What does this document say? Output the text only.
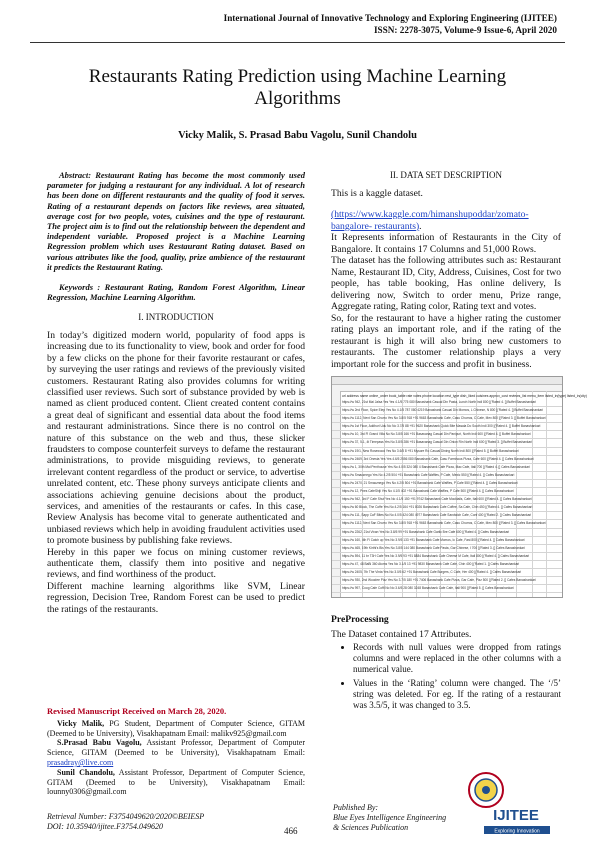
International Journal of Innovative Technology and Exploring Engineering (IJITEE)
ISSN: 2278-3075, Volume-9 Issue-6, April 2020
Restaurants Rating Prediction using Machine Learning
Algorithms
Vicky Malik, S. Prasad Babu Vagolu, Sunil Chandolu

Abstract: Restaurant Rating has become the most commonly used parameter for judging a restaurant for any individual. A lot of research has been done on different restaurants and the quality of food it serves. Rating of a restaurant depends on factors like reviews, area situated, average cost for two people, votes, cuisines and the type of restaurant. The project aim is to find out the relationship between the dependent and independent variable. Proposed project is a Machine Learning Regression problem which uses Restaurant Rating dataset. Based on various attributes like the food, quality, prize ambience of the restaurant it predicts the Restaurant Rating.

Keywords : Restaurant Rating, Random Forest Algorithm, Linear Regression, Machine Learning Algorithm.

I. INTRODUCTION

In today’s digitized modern world, popularity of food apps is increasing due to its functionality to view, book and order for food by a few clicks on the phone for their favorite restaurant or cafes, by surveying the user ratings and reviews of the previously visited customers. Restaurant Rating also provides columns for writing classified user reviews. Such sort of substance provided by web is named as client produced content. Client created content contains a great deal of significant and essential data about the food items and restaurant administrations. Since there is no control on the nature of this substance on the web and thus, these slicker fraudsters to compose counterfeit surveys to defame the restaurant administrations, to provide misguiding reviews, to generate irrelevant content regardless of the product or service, to advertise unrelated content, etc. These phony surveys anticipate clients and associations achieving genuine decisions about the product, services, and amenities of the restaurants or cafes. In this case, Review Analysis has become vital to generate authenticated and unbiased reviews which help in avoiding fraudulent activities used to promote business by publishing fake reviews.

Hereby in this paper we focus on mining customer reviews, authenticate them, classify them into positive and negative reviews, and find worthiness of the product.

Different machine learning algorithms like SVM, Linear regression, Decision Tree, Random Forest can be used to predict the ratings of the restaurants.

Revised Manuscript Received on March 28, 2020.

Vicky Malik, PG Student, Department of Computer Science, GITAM (Deemed to be University), Visakhapatnam Email: malikv925@gmail.com

S.Prasad Babu Vagolu, Assistant Professor, Department of Computer Science, GITAM (Deemed to be University), Visakhapatnam Email: prasadray@live.com

Sunil Chandolu, Assistant Professor, Department of Computer Science, GITAM (Deemed to be University), Visakhapatnam Email: lounny0306@gmail.com

Retrieval Number: F3754049620/2020©BEIESP
DOI: 10.35940/ijitee.F3754.049620	466
Published By:
Blue Eyes Intelligence Engineering
& Sciences Publication
IJITEE
Exploring Innovation
II. DATA SET DESCRIPTION

This is a kaggle dataset.

(https://www.kaggle.com/himanshupoddar/zomato-bangalore- restaurants).

It Represents information of Restaurants in the City of Bangalore. It contains 17 Columns and 51,000 Rows.

The dataset has the following attributes such as: Restaurant Name, Restaurant ID, City, Address, Cuisines, Cost for two people, has table booking, Has online delivery, Is delivering now, Switch to order menu, Prize range, Aggregate rating, Rating color, Rating text and votes.

So, for the restaurant to have a higher rating the customer rating plays an important role, and if the rating of the restaurant is high it will also bring new customers to restaurants. The customer relationship plays a very important role for the success and profit in business.

url address name online_order book_table rate votes phone location rest_type dish_liked cuisines approx_cost reviews_list menu_item listed_in(type) listed_in(city)
https://w 942, 21st Mai Jalsa Yes Yes 4.1/5 775 080 Banashank Casual Din Pasta, Lunch North Indi 800 [('Rated 4. [] Buffet Banashankari
https://w 2nd Floor, Spice Elep Yes No 4.1/5 787 080 4219 Banashank Casual Din Momos, L Chinese, N 800 [('Rated 4. [] Buffet Banashankari
https://w 1112, Next San Churro Yes No 3.8/5 918 +91 9663 Banashank Cafe, Casu Churros, C Cafe, Mex 800 [('Rated 3. [] Buffet Banashankari
https://w 1st Floor, Addhuri Udu No No 3.7/5 88 +91 9620 Banashank Quick Bite Masala Do South Indi 300 [('Rated 4. [] Buffet Banashankari
https://w 10, 3rd Fl Grand Villa No No 3.8/5 166 +91 Basavanag Casual Din Panipuri, North Indi 600 [('Rated 4. [] Buffet Banashankari
https://w 37, 5-1, 4t Timepass Yes No 3.8/5 286 +91 Basavanag Casual Din Onion Rin North Indi 600 [('Rated 3. [] Buffet Banashankari
https://w 19/1, New Rosewood Yes No 3.6/5 8 +91 Mysore Ro Casual Dining North Indi 800 [('Rated 5. [] Buffet Banashankari
https://w 2469, 3rd Onesta Yes Yes 4.6/5 2556 080 Banashank Cafe, Casu Farmhous Pizza, Cafe 600 [('Rated 4. [] Cafes Banashankari
https://w 1, 30th Mai Penthouse Yes No 4.0/5 324 080 4 Banashank Cafe Pizza, Mac Cafe, Itali 700 [('Rated 4. [] Cafes Banashankari
https://w Smacznego Yes No 4.2/5 504 +91 Banashank Cafe Waffles, P Cafe, Mexic 550 [('Rated 4. [] Cafes Banashankari
https://w 2470, 21 Smacznego Yes No 4.2/5 504 +91 Banashank Cafe Waffles, P Cafe 550 [('Rated 4. [] Cafes Banashankari
https://w 12, Pnes CafeShiji Yes No 4.1/5 402 +91 Banashank Cafe Waffles, P Cafe 500 [('Rated 4. [] Cafes Banashankari
https://w 942, 3rd F Cafe Shuf Yes No 4.1/5 150 +91 9742 Banashank Cafe Mocktails, Cafe, Itali 600 [('Rated 4. [] Cafes Banashankari
https://w 60 Block, The Coffe Yes No 4.2/5 164 +91 8026 Banashank Cafe Coffee, Sa Cafe, Chin 450 [('Rated 4. [] Cafes Banashankari
https://w 111, Sapp CaF Bites No No 4.0/5 424 080 4977 Banashank Cafe Sandwich Cafe, Conf 400 [('Rated 2. [] Cafes Banashankari
https://w 1112, Next San Churro Yes No 3.8/5 918 +91 9663 Banashank Cafe, Casu Churros, C Cafe, Mex 800 [('Rated 3. [] Cafes Banashankari
https://w 2262, 21st Vivan Yes No 3.8/5 99 +91 Banashank Cafe Garlic Bre Cafe 600 [('Rated 4. [] Cafes Banashankari
https://w 160, 4th Fl Catch up Yes No 3.9/5 133 +91 Banashank Cafe Momos, Ic Cafe, Fast 800 [('Rated 4. [] Cafes Banashankari
https://w 465, 19th Kirthi's Bis Yes No 3.8/5 144 080 Banashank Cafe Pasta, Gar Chinese, I 700 [('Rated 3. [] Cafes Banashankari
https://w 594, 11 br T3H Cafe Yes No 3.9/5 93 +91 8884 Banashank Cafe Cheese M Cafe, Itali 800 [('Rated 4. [] Cafes Banashankari
https://w 47, 48 BaBi 360 Atoms Yes No 3.1/5 13 +91 9830 Banashank Cafe Cafe, Chin 400 [('Rated 1. [] Cafes Banashankari
https://w 2405, 7th The Vinta Yes No 3.0/5 62 +91 Banashank Cafe Burgers, C Cafe, Her 400 [('Rated 4. [] Cafes Banashankari
https://w 930, 2nd Woodee Pizz Yes No 3.7/5 180 +91 7406 Banashank Cafe Pizza, Gar Cafe, Pizz 500 [('Rated 2. [] Cafes Banashankari
https://w 997, Coog Cafe Coffi No No 3.6/5 28 080 3248 Banashank Cafe Cafe, Itali 900 [('Rated 5. [] Cafes Banashankari
PreProcessing

The Dataset contained 17 Attributes.

• Records with null values were dropped from ratings columns and were replaced in the other columns with a numerical value.
• Values in the ‘Rating’ column were changed. The ‘/5’ string was deleted. For eg. If the rating of a restaurant was 3.5/5, it was changed to 3.5.
